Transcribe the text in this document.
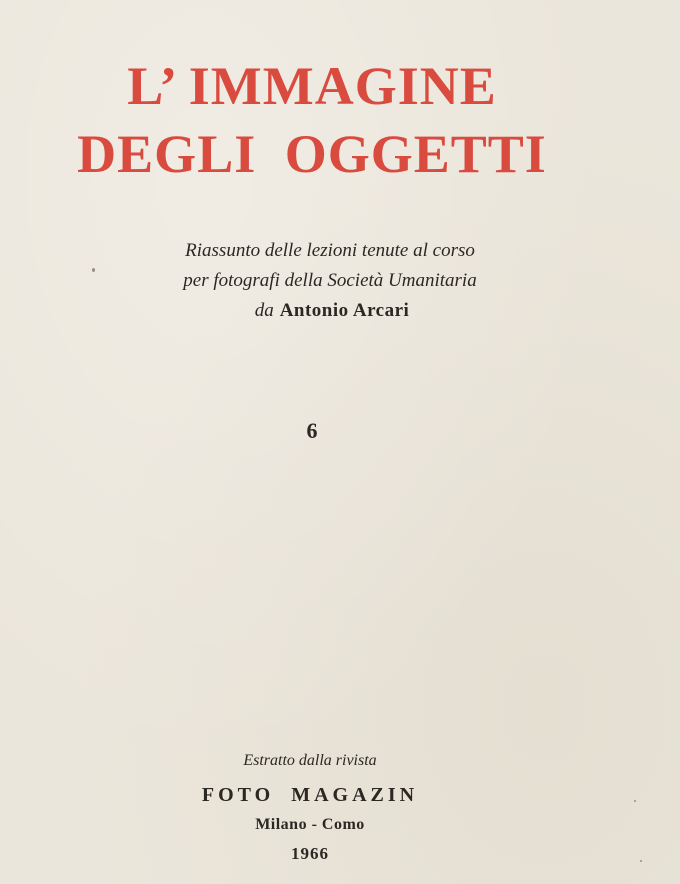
L’ IMMAGINE
DEGLI OGGETTI
Riassunto delle lezioni tenute al corso
per fotografi della Società Umanitaria
da Antonio Arcari
6
Estratto dalla rivista
FOTO MAGAZIN
Milano - Como
1966
